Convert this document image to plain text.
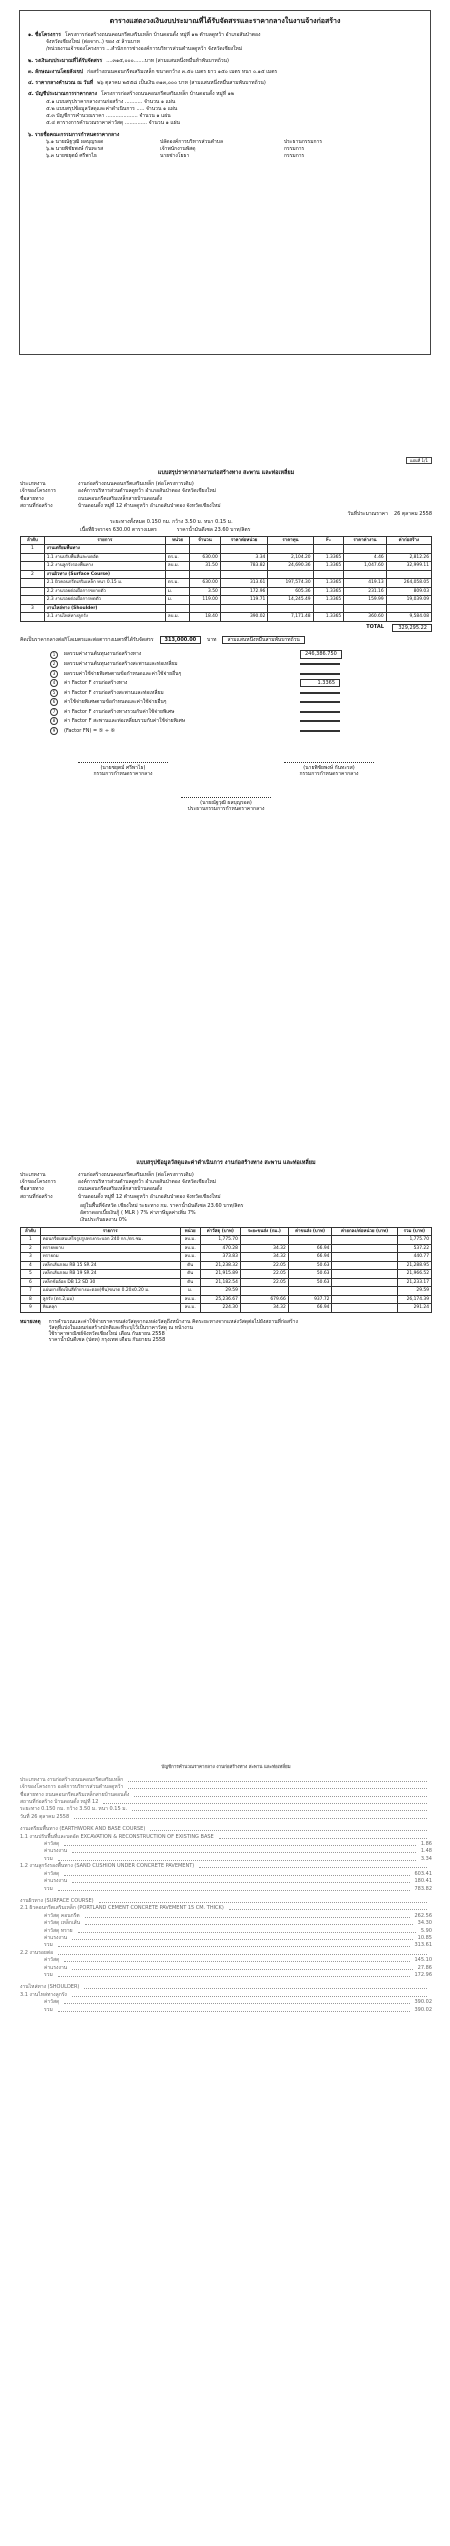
ตารางแสดงวงเงินงบประมาณที่ได้รับจัดสรรและราคากลางในงานจ้างก่อสร้าง
๑. ชื่อโครงการ โครงการก่อสร้างถนนคอนกรีตเสริมเหล็ก บ้านดอนดั้ง หมู่ที่ ๑๒ ตำบลดูหว้า อำเภอสันป่าตอง
จังหวัดเชียงใหม่ (ต่อจาก..) ของ ๕ ล้านบาท
/หน่วยงานเจ้าของโครงการ ...สำนักการช่างองค์การบริหารส่วนตำบลดูหว้า จังหวัดเชียงใหม่
๒. วงเงินงบประมาณที่ได้รับจัดสรร ....๓๑๕,๐๐๐.......บาท (สามแสนหนึ่งหมื่นห้าพันบาทถ้วน)
๓. ลักษณะงานโดยสังเขป ก่อสร้างถนนคอนกรีตเสริมเหล็ก ขนาดกว้าง ๓.๕๐ เมตร ยาว ๑๕๐ เมตร หนา ๐.๑๕ เมตร
๔. ราคากลางคำนวณ ณ วันที่ ๒๖ ตุลาคม ๒๕๕๘ เป็นเงิน ๓๑๓,๐๐๐ บาท (สามแสนหนึ่งหมื่นสามพันบาทถ้วน)
๕. บัญชีประมาณการราคากลาง โครงการก่อสร้างถนนคอนกรีตเสริมเหล็ก บ้านดอนดั้ง หมู่ที่ ๑๒
๕.๑ แบบสรุปราคากลางงานก่อสร้าง ........... จำนวน ๑ แผ่น
๕.๒ แบบสรุปข้อมูลวัสดุและค่าดำเนินการ ..... จำนวน ๑ แผ่น
๕.๓ บัญชีการคำนวณราคา .................... จำนวน ๑ แผ่น
๕.๔ ตารางการคำนวณราคาค่าวัสดุ .............. จำนวน ๑ แผ่น
๖. รายชื่อคณะกรรมการกำหนดราคากลาง
๖.๑ นายณัฐวุฒิ ผลบุญรอด	ปลัดองค์การบริหารส่วนตำบล	ประธานกรรมการ
๖.๒ นายพิชัยพงษ์ กันทะรส	เจ้าพนักงานพัสดุ	กรรมการ
๖.๓ นายชยุตม์ ศรีพาไธ	นายช่างโยธา	กรรมการ
แผ่นที่ 1/1
แบบสรุปราคากลางงานก่อสร้างทาง สะพาน และท่อเหลี่ยม
ประเภทงาน	งานก่อสร้างถนนคอนกรีตเสริมเหล็ก (ต่อโครงการเดิม)
เจ้าของโครงการ	องค์การบริหารส่วนตำบลดูหว้า อำเภอสันป่าตอง จังหวัดเชียงใหม่
ชื่อสายทาง	ถนนคอนกรีตเสริมเหล็กสายบ้านดอนดั้ง
สถานที่ก่อสร้าง	บ้านดอนดั้ง หมู่ที่ 12 ตำบลดูหว้า อำเภอสันป่าตอง จังหวัดเชียงใหม่
วันที่ประมาณราคา 26 ตุลาคม 2558
ระยะทางทั้งหมด 0.150 กม. กว้าง 3.50 ม. หนา 0.15 ม.
เนื้อที่ผิวจราจร 630.00 ตารางเมตร	ราคาน้ำมันดีเซล 23.60 บาท/ลิตร
ลำดับ	รายการ	หน่วย	จำนวน	ราคาต่อหน่วย	ราคาทุน	Fₓ	ราคาค่างาน	ค่าก่อสร้าง
1	งานเตรียมพื้นทาง							
	1.1 งานปรับพื้นที่และบดอัด	ตร.ม.	630.00	3.34	2,104.20	1.3365	4.46	2,812.26
	1.2 งานลูกรังรองพื้นทาง	ลบ.ม.	31.50	783.82	24,690.36	1.3365	1,047.60	32,999.11
2	งานผิวทาง (Surface Course)							
	2.1 ผิวคอนกรีตเสริมเหล็ก หนา 0.15 ม.	ตร.ม.	630.00	313.61	197,574.30	1.3365	419.13	264,058.05
	2.2 งานรอยต่อเผื่อการขยายตัว	ม.	3.50	172.96	605.36	1.3365	231.16	809.03
	2.3 งานรอยต่อเผื่อการหดตัว	ม.	119.00	119.71	14,245.49	1.3365	159.99	19,039.09
3	งานไหล่ทาง (Shoulder)							
	3.1 งานไหล่ทางลูกรัง	ลบ.ม.	18.40	390.02	7,171.48	1.3365	360.60	9,584.08
TOTAL	329,295.22
คิดเป็นราคากลางต่อกิโลเมตรและต่อตารางเมตรที่ได้รับจัดสรร	313,000.00	บาท	สามแสนหนึ่งหมื่นสามพันบาทถ้วน
1	ผลรวมค่างานต้นทุนงานก่อสร้างทาง	246,386.750
2	ผลรวมค่างานต้นทุนงานก่อสร้างสะพานและท่อเหลี่ยม
3	ผลรวมค่าใช้จ่ายพิเศษตามข้อกำหนดและค่าใช้จ่ายอื่นๆ
4	ค่า Factor F งานก่อสร้างทาง	1.3365
5	ค่า Factor F งานก่อสร้างสะพานและท่อเหลี่ยม
6	ค่าใช้จ่ายพิเศษตามข้อกำหนดและค่าใช้จ่ายอื่นๆ
7	ค่า Factor F งานก่อสร้างทางรวมกับค่าใช้จ่ายพิเศษ
8	ค่า Factor F สะพานและท่อเหลี่ยมรวมกับค่าใช้จ่ายพิเศษ
9	(Factor FN) = ⑤ ÷ ⑥
(นายชยุตม์ ศรีพาไธ)
กรรมการกำหนดราคากลาง
(นายพิชัยพงษ์ กันทะรส)
กรรมการกำหนดราคากลาง
(นายณัฐวุฒิ ผลบุญรอด)
ประธานกรรมการกำหนดราคากลาง
แบบสรุปข้อมูลวัสดุและค่าดำเนินการ งานก่อสร้างทาง สะพาน และท่อเหลี่ยม
ประเภทงาน	งานก่อสร้างถนนคอนกรีตเสริมเหล็ก (ต่อโครงการเดิม)
เจ้าของโครงการ	องค์การบริหารส่วนตำบลดูหว้า อำเภอสันป่าตอง จังหวัดเชียงใหม่
ชื่อสายทาง	ถนนคอนกรีตเสริมเหล็กสายบ้านดอนดั้ง
สถานที่ก่อสร้าง	บ้านดอนดั้ง หมู่ที่ 12 ตำบลดูหว้า อำเภอสันป่าตอง จังหวัดเชียงใหม่
อยู่ในพื้นที่จังหวัด เชียงใหม่ ระยะทาง กม. ราคาน้ำมันดีเซล 23.60 บาท/ลิตร
อัตราดอกเบี้ยเงินกู้ ( MLR ) 7% ค่าภาษีมูลค่าเพิ่ม 7%
เงินประกันผลงาน 0%
ลำดับ	รายการ	หน่วย	ค่าวัสดุ (บาท)	ระยะขนส่ง (กม.)	ค่าขนส่ง (บาท)	ค่ายกลง/ต่อหน่วย (บาท)	รวม (บาท)
1	คอนกรีตผสมเสร็จรูปรูปทรงกระบอก 240 กก./ตร.ซม.	ลบ.ม.	1,775.70				1,775.70
2	ทรายหยาบ	ลบ.ม.	470.28	34.32	66.94		537.22
3	ทรายถม	ลบ.ม.	373.83	34.32	66.94		440.77
4	เหล็กเส้นกลม RB 15 SR 24	ตัน	21,238.32	22.05	50.63		21,288.95
5	เหล็กเส้นกลม RB 19 SR 24	ตัน	21,915.89	22.05	50.63		21,966.52
6	เหล็กข้ออ้อย DB 12 SD 30	ตัน	21,182.54	22.05	50.63		21,233.17
7	แผ่นยางยืดเป็นสีดำยางมะตอย(ชิ้น)ขนาด 0.20x0.20 ม.	ม.	29.59				29.59
8	ลูกรัง (ตร.2,มม)	ลบ.ม.	25,236.67	679.66	937.72		26,174.39
9	หินคลุก	ลบ.ม.	224.30	34.32	66.94		291.24
หมายเหตุ การคำนวณและค่าใช้จ่ายราคาขนส่งวัสดุจากแหล่งวัสดุถึงหน้างาน คิดระยะทางจากแหล่งวัสดุต่อไปยังสถานที่ก่อสร้าง
วัสดุที่แบ่งในแผนก่อสร้างปกติและที่ระบุไว้เป็นราคาวัสดุ ณ หน้างาน
ใช้ราคาพาณิชย์จังหวัดเชียงใหม่ เดือน กันยายน 2558
ราคาน้ำมันดีเซล (ปตท) กรุงเทพ เดือน กันยายน 2558
บัญชีการคำนวณราคากลาง งานก่อสร้างทาง สะพาน และท่อเหลี่ยม
ประเภทงาน งานก่อสร้างถนนคอนกรีตเสริมเหล็ก
เจ้าของโครงการ องค์การบริหารส่วนตำบลดูหว้า
ชื่อสายทาง ถนนคอนกรีตเสริมเหล็กสายบ้านดอนดั้ง
สถานที่ก่อสร้าง บ้านดอนดั้ง หมู่ที่ 12
ระยะทาง 0.150 กม. กว้าง 3.50 ม. หนา 0.15 ม.
วันที่ 26 ตุลาคม 2558
งานเตรียมพื้นทาง (EARTHWORK AND BASE COURSE)
1.1 งานปรับพื้นที่และบดอัด EXCAVATION & RECONSTRUCTION OF EXISTING BASE
ค่าวัสดุ	1.86
ค่าแรงงาน	1.48
รวม	3.34
1.2 งานลูกรังรองพื้นทาง (SAND CUSHION UNDER CONCRETE PAVEMENT)
ค่าวัสดุ	603.41
ค่าแรงงาน	180.41
รวม	783.82
งานผิวทาง (SURFACE COURSE)
2.1 ผิวคอนกรีตเสริมเหล็ก (PORTLAND CEMENT CONCRETE PAVEMENT 15 CM. THICK)
ค่าวัสดุ คอนกรีต	262.56
ค่าวัสดุ เหล็กเส้น	34.30
ค่าวัสดุ ทราย	5.90
ค่าแรงงาน	10.85
รวม	313.61
2.2 งานรอยต่อ
ค่าวัสดุ	145.10
ค่าแรงงาน	27.86
รวม	172.96
งานไหล่ทาง (SHOULDER)
3.1 งานไหล่ทางลูกรัง
ค่าวัสดุ	390.02
รวม	390.02
